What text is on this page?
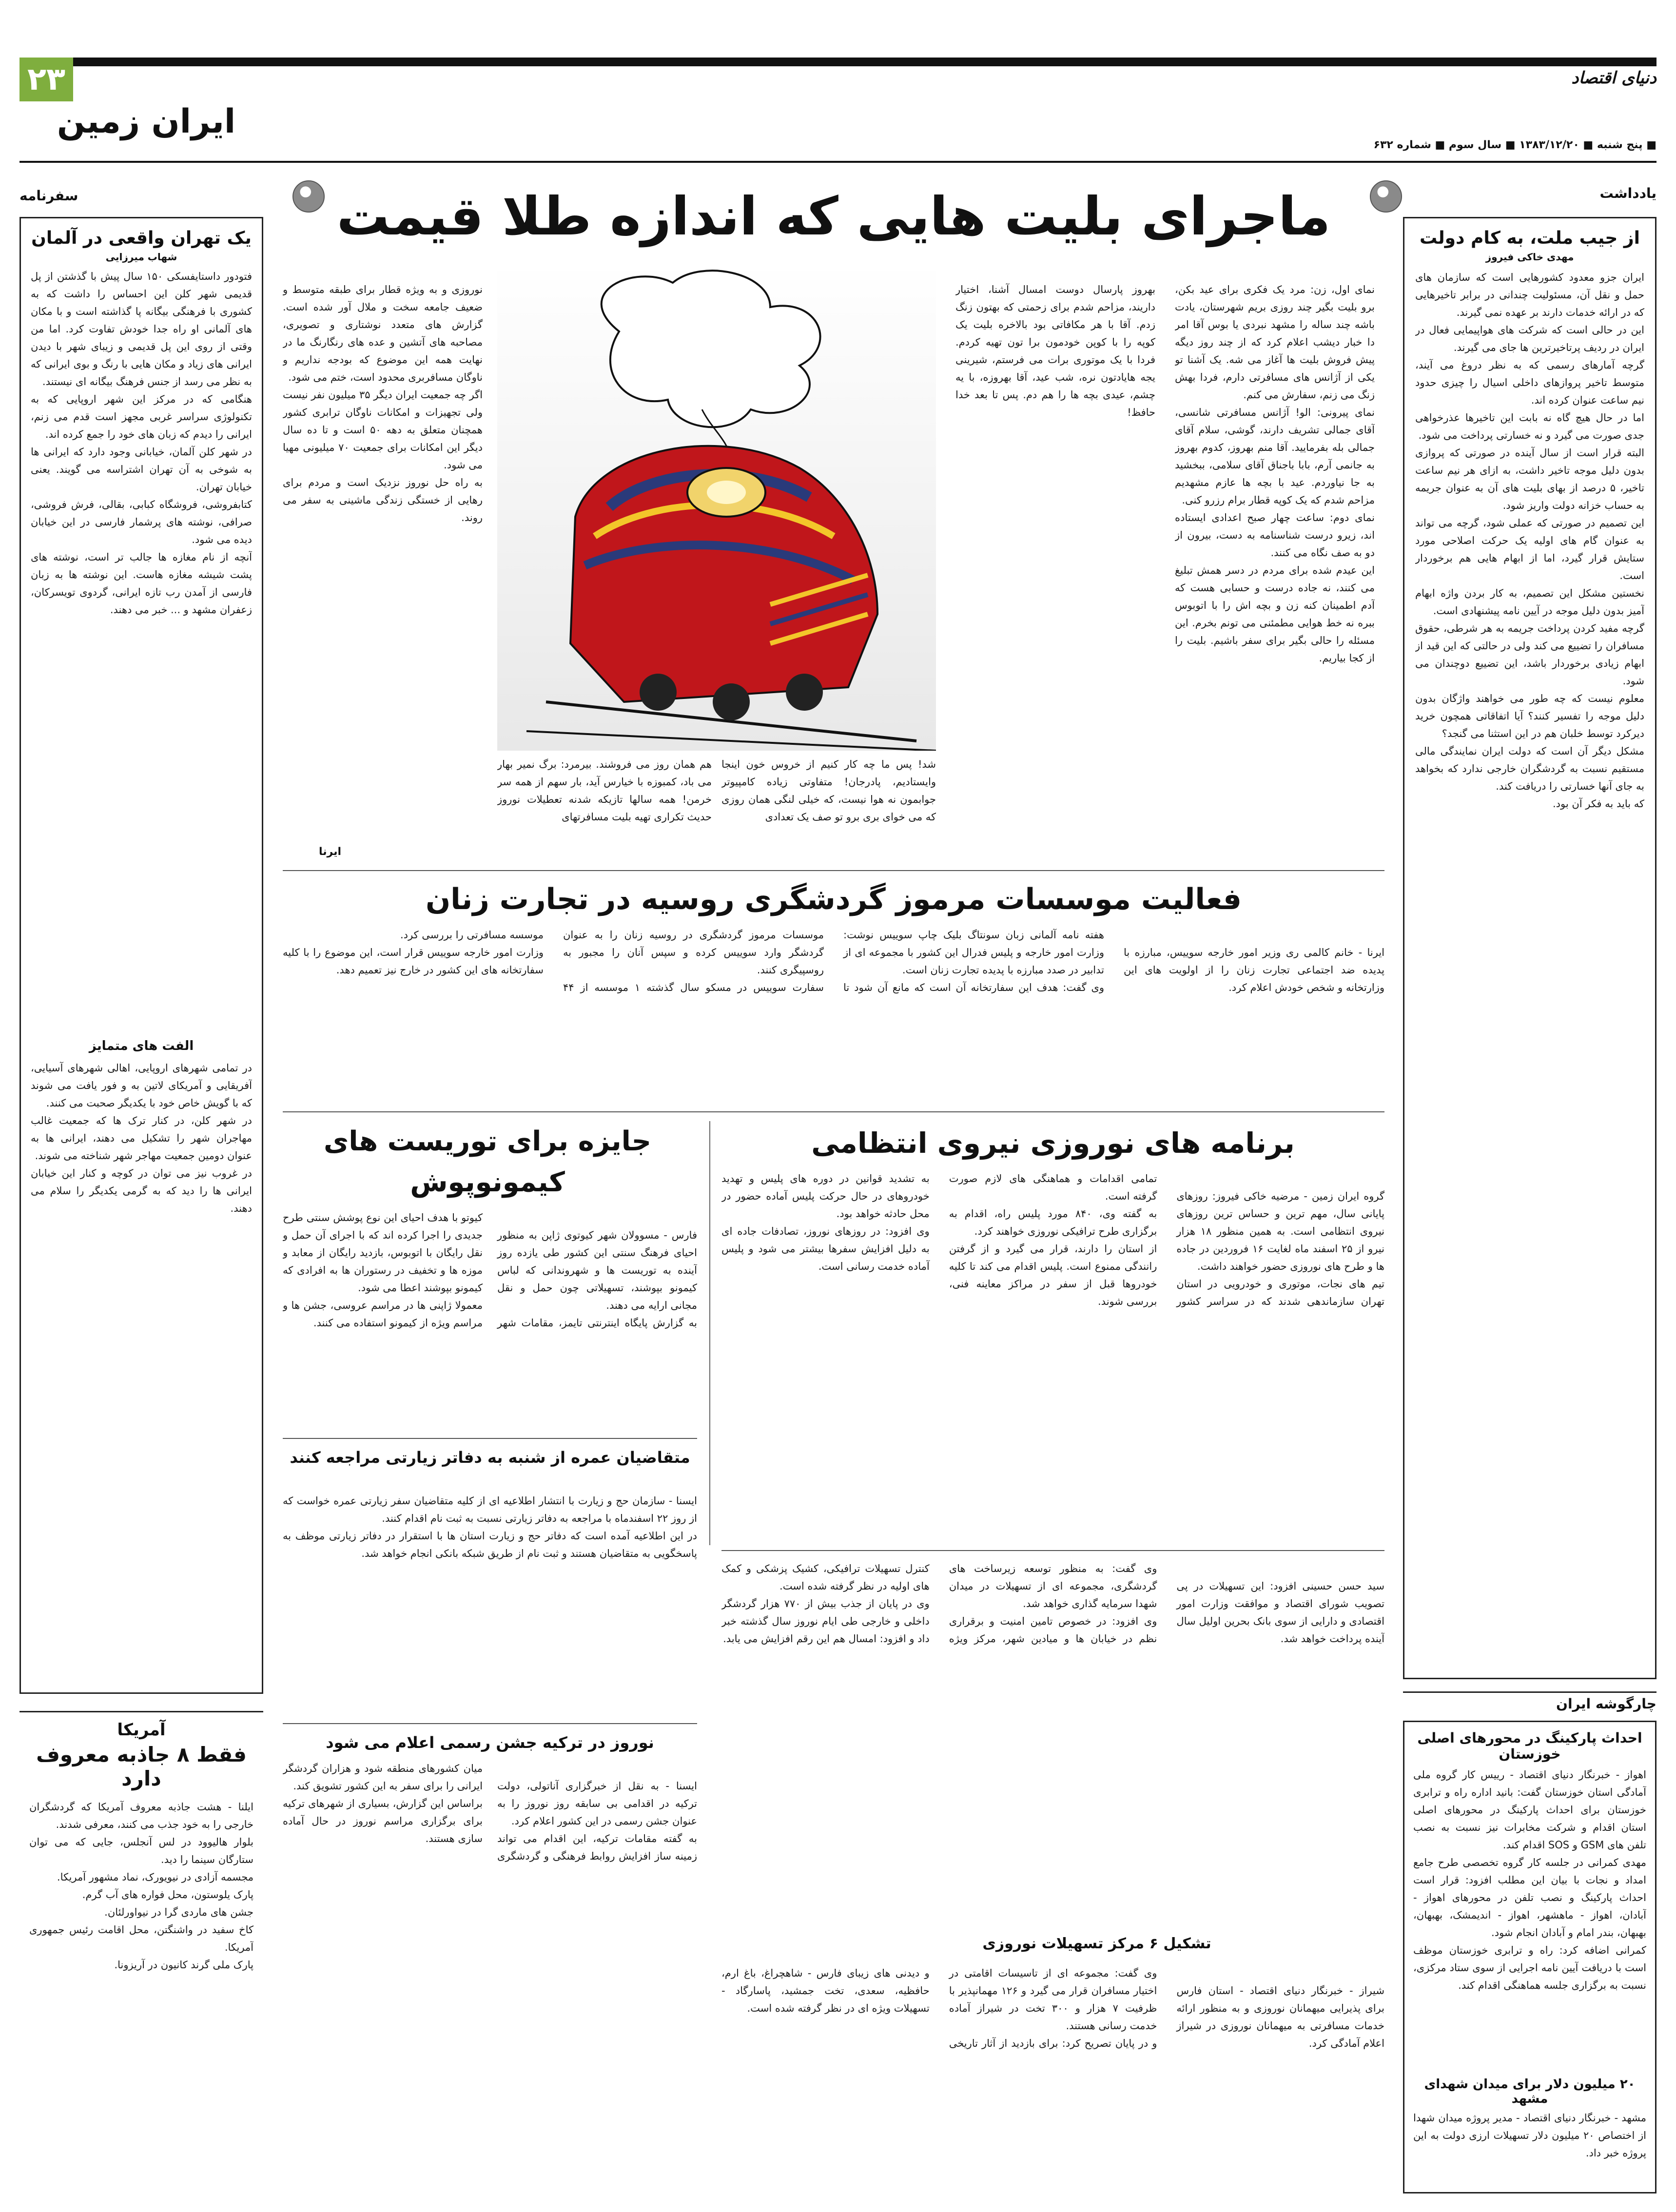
۲۳
ایران زمین
دنیای اقتصاد
■ پنج شنبه ■ ۱۳۸۳/۱۲/۲۰ ■ سال سوم ■ شماره ۶۳۲
یادداشت
از جیب ملت، به کام دولت
مهدی خاکی فیروز
ایران جزو معدود کشورهایی است که سازمان های حمل و نقل آن، مسئولیت چندانی در برابر تاخیرهایی که در ارائه خدمات دارند بر عهده نمی گیرند.
این در حالی است که شرکت های هواپیمایی فعال در ایران در ردیف پرتاخیرترین ها جای می گیرند.
گرچه آمارهای رسمی که به نظر دروغ می آیند، متوسط تاخیر پروازهای داخلی اسیال را چیزی حدود نیم ساعت عنوان کرده اند.
اما در حال هیچ گاه نه بابت این تاخیرها عذرخواهی جدی صورت می گیرد و نه خسارتی پرداخت می شود.
البته قرار است از سال آینده در صورتی که پروازی بدون دلیل موجه تاخیر داشت، به ازای هر نیم ساعت تاخیر، ۵ درصد از بهای بلیت های آن به عنوان جریمه به حساب خزانه دولت واریز شود.
این تصمیم در صورتی که عملی شود، گرچه می تواند به عنوان گام های اولیه یک حرکت اصلاحی مورد ستایش قرار گیرد، اما از ابهام هایی هم برخوردار است.
نخستین مشکل این تصمیم، به کار بردن واژه ابهام آمیز بدون دلیل موجه در آیین نامه پیشنهادی است.
گرچه مفید کردن پرداخت جریمه به هر شرطی، حقوق مسافران را تضییع می کند ولی در حالتی که این قید از ابهام زیادی برخوردار باشد، این تضییع دوچندان می شود.
معلوم نیست که چه طور می خواهند واژگان بدون دلیل موجه را تفسیر کنند؟ آیا اتفاقاتی همچون خرید دیرکرد توسط خلبان هم در این استثنا می گنجد؟
مشکل دیگر آن است که دولت ایران نمایندگی مالی مستقیم نسبت به گردشگران خارجی ندارد که بخواهد به جای آنها خسارتی را دریافت کند.
که باید به فکر آن بود.
سفرنامه
یک تهران واقعی در آلمان
شهاب میرزایی
فتودور داستایفسکی ۱۵۰ سال پیش با گذشتن از پل قدیمی شهر کلن این احساس را داشت که به کشوری با فرهنگی بیگانه پا گذاشته است و با مکان های آلمانی او راه جدا خودش تفاوت کرد. اما من وقتی از روی این پل قدیمی و زیبای شهر با دیدن ایرانی های زیاد و مکان هایی با رنگ و بوی ایرانی که به نظر می رسد از جنس فرهنگ بیگانه ای نیستند.
هنگامی که در مرکز این شهر اروپایی که به تکنولوژی سراسر غربی مجهز است قدم می زنم، ایرانی را دیدم که زبان های خود را جمع کرده اند.
در شهر کلن آلمان، خیابانی وجود دارد که ایرانی ها به شوخی به آن تهران اشتراسه می گویند. یعنی خیابان تهران.
کتابفروشی، فروشگاه کبابی، بقالی، فرش فروشی، صرافی، نوشته های پرشمار فارسی در این خیابان دیده می شود.
آنچه از نام مغازه ها جالب تر است، نوشته های پشت شیشه مغازه هاست. این نوشته ها به زبان فارسی از آمدن رب تازه ایرانی، گردوی تویسرکان، زعفران مشهد و ... خبر می دهند.
الفت های متمایز
در تمامی شهرهای اروپایی، اهالی شهرهای آسیایی، آفریقایی و آمریکای لاتین به و فور یافت می شوند که با گویش خاص خود با یکدیگر صحبت می کنند.
در شهر کلن، در کنار ترک ها که جمعیت غالب مهاجران شهر را تشکیل می دهند، ایرانی ها به عنوان دومین جمعیت مهاجر شهر شناخته می شوند.
در غروب نیز می توان در کوچه و کنار این خیابان ایرانی ها را دید که به گرمی یکدیگر را سلام می دهند.
آمریکا
فقط ۸ جاذبه معروف دارد
ایلنا - هشت جاذبه معروف آمریکا که گردشگران خارجی را به خود جذب می کنند، معرفی شدند.
بلوار هالیوود در لس آنجلس، جایی که می توان ستارگان سینما را دید.
مجسمه آزادی در نیویورک، نماد مشهور آمریکا.
پارک یلوستون، محل فواره های آب گرم.
جشن های ماردی گرا در نیواورلئان.
کاخ سفید در واشنگتن، محل اقامت رئیس جمهوری آمریکا.
پارک ملی گرند کانیون در آریزونا.
ماجرای بلیت هایی که اندازه طلا قیمت

نمای اول، زن: مرد یک فکری برای عید بکن، برو بلیت بگیر چند روزی بریم شهرستان، یادت باشه چند ساله را مشهد نبردی یا بوس آقا امر دا خبار دیشب اعلام کرد که از چند روز دیگه پیش فروش بلیت ها آغاز می شه. یک آشنا تو یکی از آژانس های مسافرتی دارم، فردا بهش زنگ می زنم، سفارش می کنم.
نمای پیرونی: الو! آژانس مسافرتی شانسی، آقای جمالی تشریف دارند، گوشی، سلام آقای جمالی بله بفرمایید. آقا منم بهروز، کدوم بهروز به جانمی آرم، بابا باجناق آقای سلامی، ببخشید به جا نیاوردم. عید با بچه ها عازم مشهدیم مزاحم شدم که یک کوپه قطار برام رزرو کنی.
نمای دوم: ساعت چهار صبح اعدادی ایستاده اند، زیرو درست شناسنامه به دست، بیرون از دو به صف نگاه می کنند.
این عیدم شده برای مردم در دسر همش تبلیغ می کنند، نه جاده درست و حسابی هست که آدم اطمینان کنه زن و بچه اش را با اتوبوس ببره نه خط هوایی مطمئنی می تونم بخرم. این مسئله را حالی بگیر برای سفر باشیم. بلیت را از کجا بیاریم.

بهروز پارسال دوست امسال آشنا، اختیار داریند، مزاحم شدم برای زحمتی که بهتون زنگ زدم. آقا با هر مکافاتی بود بالاخره بلیت یک کوپه را با کوپن خودمون برا تون تهیه کردم. فردا با یک موتوری برات می فرستم، شیرینی یجه هایادتون نره، شب عید، آقا بهروزه، با یه چشم، عیدی بچه ها را هم دم. پس تا بعد خدا حافظ!

نوروزی و به ویژه قطار برای طبقه متوسط و ضعیف جامعه سخت و ملال آور شده است. گزارش های متعدد نوشتاری و تصویری، مصاحبه های آتشین و عده های رنگارنگ ما در نهایت همه این موضوع که بودجه نداریم و ناوگان مسافربری محدود است، ختم می شود.
اگر چه جمعیت ایران دیگر ۳۵ میلیون نفر نیست ولی تجهیزات و امکانات ناوگان ترابری کشور همچنان متعلق به دهه ۵۰ است و تا ده سال دیگر این امکانات برای جمعیت ۷۰ میلیونی مهیا می شود.
به راه حل نوروز نزدیک است و مردم برای رهایی از خستگی زندگی ماشینی به سفر می روند.

شد! پس ما چه کار کنیم از خروس خون اینجا وایستادیم، پادرجان! متفاوتی زیاده کامپیوتر جوابمون نه هوا نیست، که خیلی لنگی همان روزی که می خوای بری برو تو صف یک تعدادی
هم همان روز می فروشند. بیرمرد: برگ نمیر بهار می باد، کمبوزه با خیارس آید، بار سهم از همه سر خرمن! همه سالها تازیکه شدنه تعطیلات نوروز حدیث تکراری تهیه بلیت مسافرتهای
ایرنا
فعالیت موسسات مرموز گردشگری روسیه در تجارت زنان

ایرنا - خانم کالمی ری وزیر امور خارجه سوییس، مبارزه با پدیده ضد اجتماعی تجارت زنان را از اولویت های این وزارتخانه و شخص خودش اعلام کرد.
هفته نامه آلمانی زبان سونتاگ بلیک چاپ سوییس نوشت: وزارت امور خارجه و پلیس فدرال این کشور با مجموعه ای از تدابیر در صدد مبارزه با پدیده تجارت زنان است.
وی گفت: هدف این سفارتخانه آن است که مانع آن شود تا موسسات مرموز گردشگری در روسیه زنان را به عنوان گردشگر وارد سوییس کرده و سپس آنان را مجبور به روسپیگری کنند.
سفارت سوییس در مسکو سال گذشته ۱ موسسه از ۴۴ موسسه مسافرتی را بررسی کرد.
وزارت امور خارجه سوییس قرار است، این موضوع را با کلیه سفارتخانه های این کشور در خارج نیز تعمیم دهد.

برنامه های نوروزی نیروی انتظامی

گروه ایران زمین - مرضیه خاکی فیروز: روزهای پایانی سال، مهم ترین و حساس ترین روزهای نیروی انتظامی است. به همین منظور ۱۸ هزار نیرو از ۲۵ اسفند ماه لغایت ۱۶ فروردین در جاده ها و طرح های نوروزی حضور خواهند داشت.
تیم های نجات، موتوری و خودرویی در استان تهران سازماندهی شدند که در سراسر کشور تمامی اقدامات و هماهنگی های لازم صورت گرفته است.
به گفته وی، ۸۴۰ مورد پلیس راه، اقدام به برگزاری طرح ترافیکی نوروزی خواهند کرد.
از استان را دارند، قرار می گیرد و از گرفتن رانندگی ممنوع است. پلیس اقدام می کند تا کلیه خودروها قبل از سفر در مراکز معاینه فنی، بررسی شوند.
به تشدید قوانین در دوره های پلیس و تهدید خودروهای در حال حرکت پلیس آماده حضور در محل حادثه خواهد بود.
وی افزود: در روزهای نوروز، تصادفات جاده ای به دلیل افزایش سفرها بیشتر می شود و پلیس آماده خدمت رسانی است.

جایزه برای توریست های کیمونوپوش

فارس - مسوولان شهر کیوتوی ژاپن به منظور احیای فرهنگ سنتی این کشور طی یازده روز آینده به توریست ها و شهروندانی که لباس کیمونو بپوشند، تسهیلاتی چون حمل و نقل مجانی ارایه می دهند.
به گزارش پایگاه اینترنتی تایمز، مقامات شهر کیوتو با هدف احیای این نوع پوشش سنتی طرح جدیدی را اجرا کرده اند که با اجرای آن حمل و نقل رایگان با اتوبوس، بازدید رایگان از معابد و موزه ها و تخفیف در رستوران ها به افرادی که کیمونو بپوشند اعطا می شود.
معمولا ژاپنی ها در مراسم عروسی، جشن ها و مراسم ویژه از کیمونو استفاده می کنند.

متقاضیان عمره از شنبه به دفاتر زیارتی مراجعه کنند

ایسنا - سازمان حج و زیارت با انتشار اطلاعیه ای از کلیه متقاضیان سفر زیارتی عمره خواست که از روز ۲۲ اسفندماه با مراجعه به دفاتر زیارتی نسبت به ثبت نام اقدام کنند.
در این اطلاعیه آمده است که دفاتر حج و زیارت استان ها با استقرار در دفاتر زیارتی موظف به پاسخگویی به متقاضیان هستند و ثبت نام از طریق شبکه بانکی انجام خواهد شد.

نوروز در ترکیه جشن رسمی اعلام می شود

ایسنا - به نقل از خبرگزاری آناتولی، دولت ترکیه در اقدامی بی سابقه روز نوروز را به عنوان جشن رسمی در این کشور اعلام کرد.
به گفته مقامات ترکیه، این اقدام می تواند زمینه ساز افزایش روابط فرهنگی و گردشگری میان کشورهای منطقه شود و هزاران گردشگر ایرانی را برای سفر به این کشور تشویق کند.
براساس این گزارش، بسیاری از شهرهای ترکیه برای برگزاری مراسم نوروز در حال آماده سازی هستند.

سید حسن حسینی افزود: این تسهیلات در پی تصویب شورای اقتصاد و موافقت وزارت امور اقتصادی و دارایی از سوی بانک بحرین اولیل سال آینده پرداخت خواهد شد.
وی گفت: به منظور توسعه زیرساخت های گردشگری، مجموعه ای از تسهیلات در میدان شهدا سرمایه گذاری خواهد شد.
وی افزود: در خصوص تامین امنیت و برقراری نظم در خیابان ها و میادین شهر، مرکز ویژه کنترل تسهیلات ترافیکی، کشیک پزشکی و کمک های اولیه در نظر گرفته شده است.
وی در پایان از جذب بیش از ۷۷۰ هزار گردشگر داخلی و خارجی طی ایام نوروز سال گذشته خبر داد و افزود: امسال هم این رقم افزایش می یابد.

تشکیل ۶ مرکز تسهیلات نوروزی

شیراز - خبرنگار دنیای اقتصاد - استان فارس برای پذیرایی میهمانان نوروزی و به منظور ارائه خدمات مسافرتی به میهمانان نوروزی در شیراز اعلام آمادگی کرد.
وی گفت: مجموعه ای از تاسیسات اقامتی در اختیار مسافران قرار می گیرد و ۱۲۶ مهمانپذیر با ظرفیت ۷ هزار و ۳۰۰ تخت در شیراز آماده خدمت رسانی هستند.
و در پایان تصریح کرد: برای بازدید از آثار تاریخی و دیدنی های زیبای فارس - شاهچراغ، باغ ارم، حافظیه، سعدی، تخت جمشید، پاسارگاد - تسهیلات ویژه ای در نظر گرفته شده است.

چارگوشه ایران
احداث پارکینگ در محورهای اصلی خوزستان
اهواز - خبرنگار دنیای اقتصاد - رییس کار گروه ملی آمادگی استان خوزستان گفت: بانید اداره راه و ترابری خوزستان برای احداث پارکینگ در محورهای اصلی استان اقدام و شرکت مخابرات نیز نسبت به نصب تلفن های GSM و SOS اقدام کند.
مهدی کمرانی در جلسه کار گروه تخصصی طرح جامع امداد و نجات با بیان این مطلب افزود: قرار است احداث پارکینگ و نصب تلفن در محورهای اهواز - آبادان، اهواز - ماهشهر، اهواز - اندیمشک، بهبهان، بهبهان، بندر امام و آبادان انجام شود.
کمرانی اضافه کرد: راه و ترابری خوزستان موظف است با دریافت آیین نامه اجرایی از سوی ستاد مرکزی، نسبت به برگزاری جلسه هماهنگی اقدام کند.
۲۰ میلیون دلار برای میدان شهدای مشهد
مشهد - خبرنگار دنیای اقتصاد - مدیر پروژه میدان شهدا از اختصاص ۲۰ میلیون دلار تسهیلات ارزی دولت به این پروژه خبر داد.
